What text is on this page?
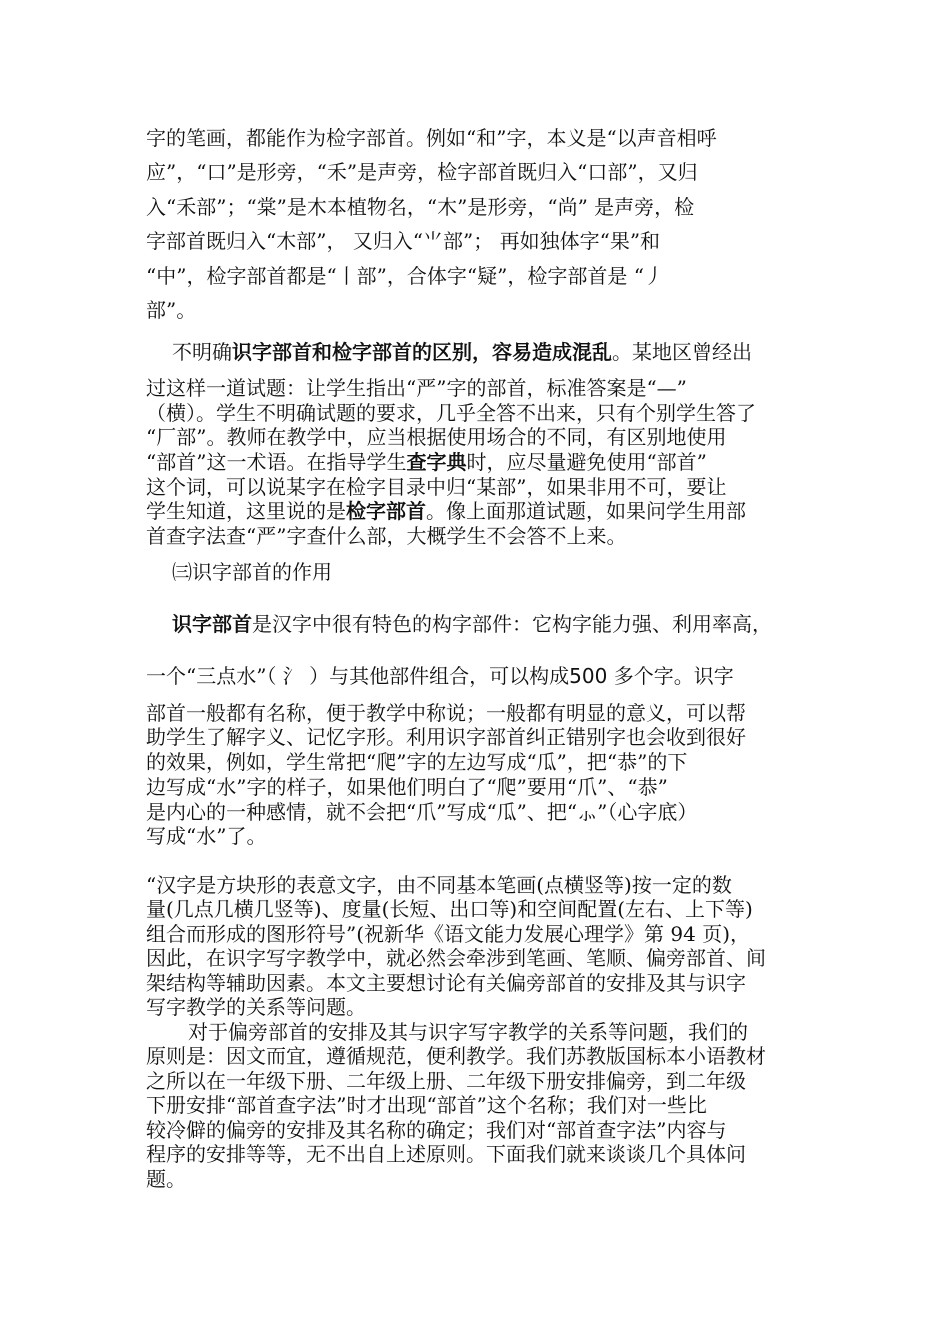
字的笔画，都能作为检字部首。例如“和”字，本义是“以声音相呼
应”，“口”是形旁，“禾”是声旁，检字部首既归入“口部”，又归
入“禾部”；“棠”是木本植物名，“木”是形旁，“尚” 是声旁，检
字部首既归入“木部”， 又归入“⺌部”； 再如独体字“果”和
“中”，检字部首都是“丨部”，合体字“疑”，检字部首是 “丿
部”。
不明确识字部首和检字部首的区别，容易造成混乱。某地区曾经出
过这样一道试题：让学生指出“严”字的部首，标准答案是“—”
（横）。学生不明确试题的要求，几乎全答不出来，只有个别学生答了
“厂部”。教师在教学中，应当根据使用场合的不同，有区别地使用
“部首”这一术语。在指导学生查字典时，应尽量避免使用“部首”
这个词，可以说某字在检字目录中归“某部”，如果非用不可，要让
学生知道，这里说的是检字部首。像上面那道试题，如果问学生用部
首查字法查“严”字查什么部，大概学生不会答不上来。
㈢识字部首的作用
识字部首是汉字中很有特色的构字部件：它构字能力强、利用率高，
一个“三点水”（ 氵 ）与其他部件组合，可以构成500 多个字。识字
部首一般都有名称，便于教学中称说；一般都有明显的意义，可以帮
助学生了解字义、记忆字形。利用识字部首纠正错别字也会收到很好
的效果，例如，学生常把“爬”字的左边写成“瓜”，把“恭”的下
边写成“水”字的样子，如果他们明白了“爬”要用“爪”、“恭”
是内心的一种感情，就不会把“爪”写成“瓜”、把“⺗”（心字底）
写成“水”了。
“汉字是方块形的表意文字，由不同基本笔画(点横竖等)按一定的数
量(几点几横几竖等)、度量(长短、出口等)和空间配置(左右、上下等)
组合而形成的图形符号”(祝新华《语文能力发展心理学》第 94 页)，
因此，在识字写字教学中，就必然会牵涉到笔画、笔顺、偏旁部首、间
架结构等辅助因素。本文主要想讨论有关偏旁部首的安排及其与识字
写字教学的关系等问题。
对于偏旁部首的安排及其与识字写字教学的关系等问题，我们的
原则是：因文而宜，遵循规范，便利教学。我们苏教版国标本小语教材
之所以在一年级下册、二年级上册、二年级下册安排偏旁，到二年级
下册安排“部首查字法”时才出现“部首”这个名称；我们对一些比
较冷僻的偏旁的安排及其名称的确定；我们对“部首查字法”内容与
程序的安排等等，无不出自上述原则。下面我们就来谈谈几个具体问
题。
